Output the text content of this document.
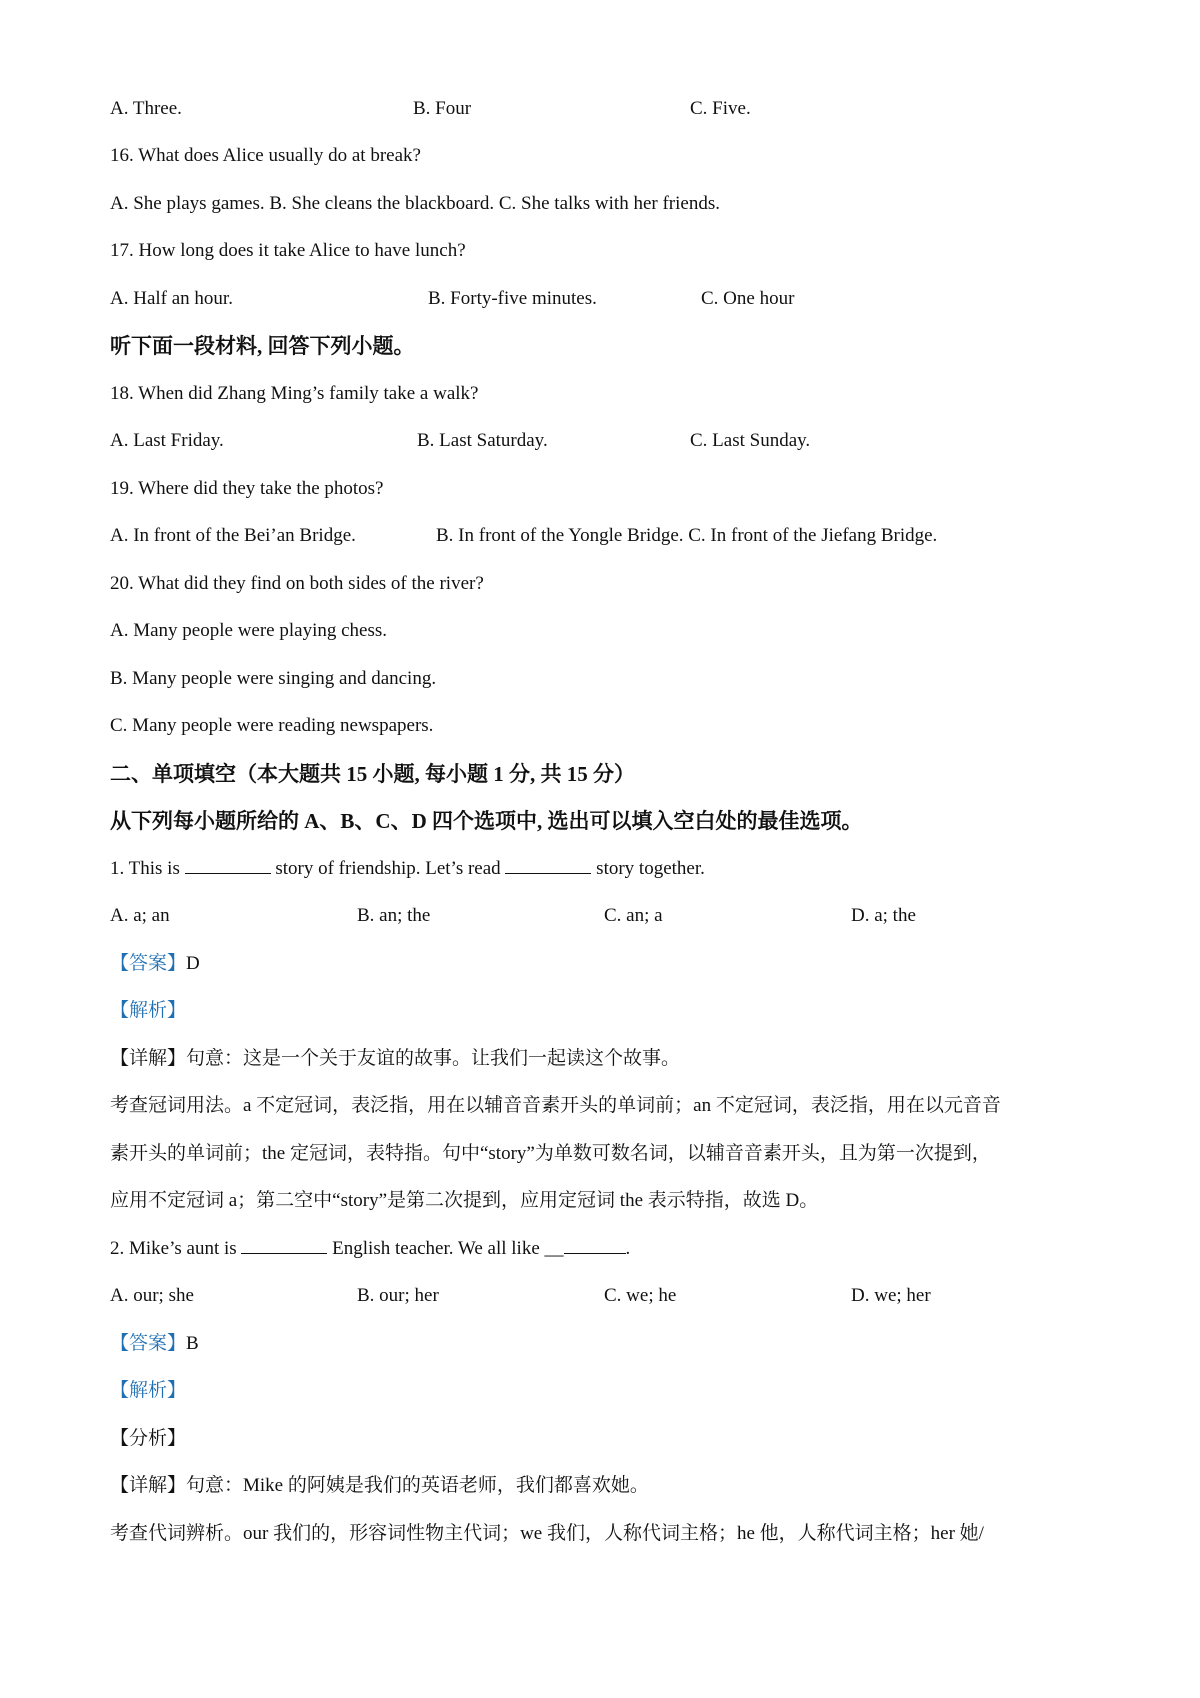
A. Three.	B. Four	C. Five.
16. What does Alice usually do at break?
A. She plays games. B. She cleans the blackboard. C. She talks with her friends.
17. How long does it take Alice to have lunch?
A. Half an hour.	B. Forty-five minutes.	C. One hour
听下面一段材料, 回答下列小题。
18. When did Zhang Ming’s family take a walk?
A. Last Friday.	B. Last Saturday.	C. Last Sunday.
19. Where did they take the photos?
A. In front of the Bei’an Bridge.	B. In front of the Yongle Bridge. C. In front of the Jiefang Bridge.
20. What did they find on both sides of the river?
A. Many people were playing chess.
B. Many people were singing and dancing.
C. Many people were reading newspapers.
二、单项填空（本大题共 15 小题, 每小题 1 分, 共 15 分）
从下列每小题所给的 A、B、C、D 四个选项中, 选出可以填入空白处的最佳选项。
1. This is	story of friendship. Let’s read	story together.
A. a; an	B. an; the	C. an; a	D. a; the
【答案】D
【解析】
【详解】句意：这是一个关于友谊的故事。让我们一起读这个故事。
考查冠词用法。a 不定冠词，表泛指，用在以辅音音素开头的单词前；an 不定冠词，表泛指，用在以元音音
素开头的单词前；the 定冠词，表特指。句中“story”为单数可数名词，以辅音音素开头，且为第一次提到，
应用不定冠词 a；第二空中“story”是第二次提到，应用定冠词 the 表示特指，故选 D。
2. Mike’s aunt is	English teacher. We all like __	.
A. our; she	B. our; her	C. we; he	D. we; her
【答案】B
【解析】
【分析】
【详解】句意：Mike 的阿姨是我们的英语老师，我们都喜欢她。
考查代词辨析。our 我们的，形容词性物主代词；we 我们，人称代词主格；he 他，人称代词主格；her 她/
